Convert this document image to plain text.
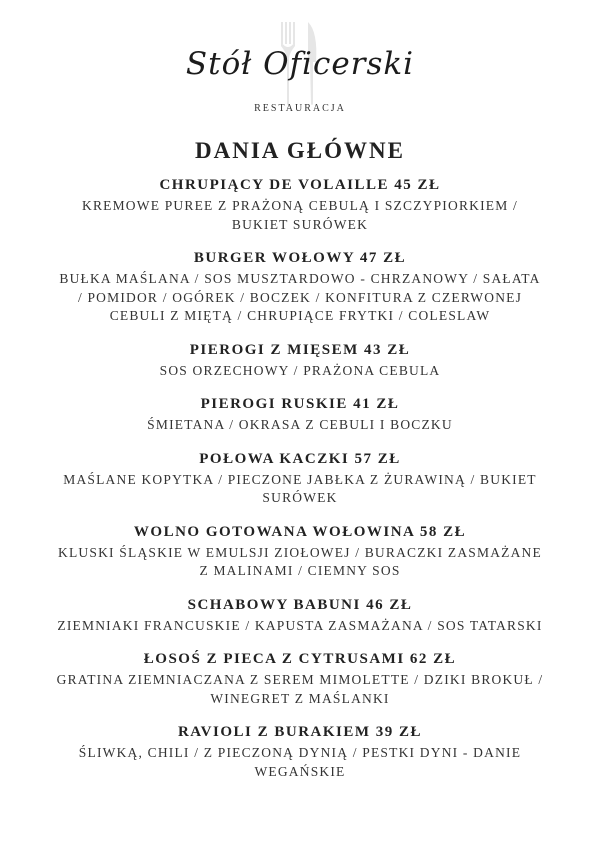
Stół Oficerski
RESTAURACJA
DANIA GŁÓWNE
CHRUPIĄCY DE VOLAILLE 45 ZŁ
KREMOWE PUREE Z PRAŻONĄ CEBULĄ I SZCZYPIORKIEM / BUKIET SURÓWEK
BURGER WOŁOWY 47 ZŁ
BUŁKA MAŚLANA / SOS MUSZTARDOWO - CHRZANOWY / SAŁATA / POMIDOR / OGÓREK / BOCZEK / KONFITURA Z CZERWONEJ CEBULI Z MIĘTĄ / CHRUPIĄCE FRYTKI / COLESLAW
PIEROGI Z MIĘSEM 43 ZŁ
SOS ORZECHOWY / PRAŻONA CEBULA
PIEROGI RUSKIE 41 ZŁ
ŚMIETANA / OKRASA Z CEBULI I BOCZKU
POŁOWA KACZKI 57 ZŁ
MAŚLANE KOPYTKA / PIECZONE JABŁKA Z ŻURAWINĄ / BUKIET SURÓWEK
WOLNO GOTOWANA WOŁOWINA 58 ZŁ
KLUSKI ŚLĄSKIE W EMULSJI ZIOŁOWEJ / BURACZKI ZASMAŻANE Z MALINAMI / CIEMNY SOS
SCHABOWY BABUNI 46 ZŁ
ZIEMNIAKI FRANCUSKIE / KAPUSTA ZASMAŻANA / SOS TATARSKI
ŁOSOŚ Z PIECA Z CYTRUSAMI 62 ZŁ
GRATINA ZIEMNIACZANA Z SEREM MIMOLETTE / DZIKI BROKUŁ / WINEGRET Z MAŚLANKI
RAVIOLI Z BURAKIEM 39 ZŁ
ŚLIWKĄ, CHILI / Z PIECZONĄ DYNIĄ / PESTKI DYNI - DANIE WEGAŃSKIE
